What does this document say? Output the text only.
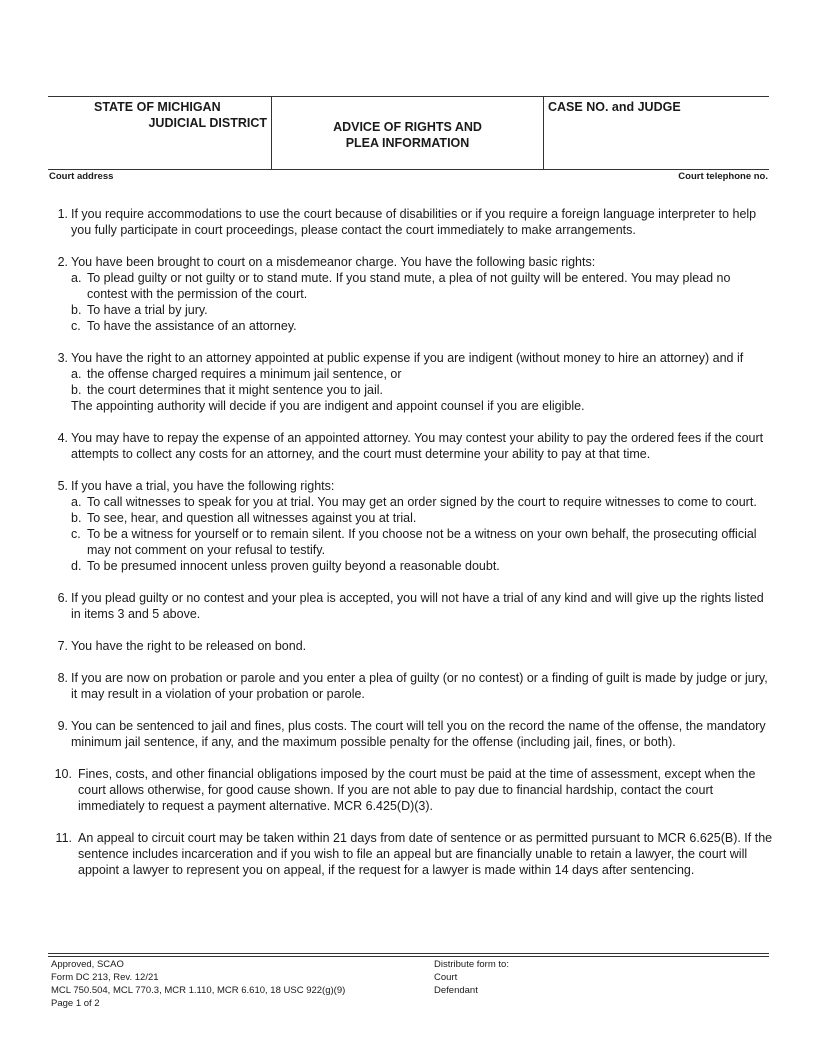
STATE OF MICHIGAN
JUDICIAL DISTRICT	ADVICE OF RIGHTS AND
PLEA INFORMATION
CASE NO. and JUDGE
Court address	Court telephone no.
1. If you require accommodations to use the court because of disabilities or if you require a foreign language interpreter to help you fully participate in court proceedings, please contact the court immediately to make arrangements.
2. You have been brought to court on a misdemeanor charge. You have the following basic rights:
a. To plead guilty or not guilty or to stand mute. If you stand mute, a plea of not guilty will be entered. You may plead no contest with the permission of the court.
b. To have a trial by jury.
c. To have the assistance of an attorney.
3. You have the right to an attorney appointed at public expense if you are indigent (without money to hire an attorney) and if
a. the offense charged requires a minimum jail sentence, or
b. the court determines that it might sentence you to jail.
The appointing authority will decide if you are indigent and appoint counsel if you are eligible.
4. You may have to repay the expense of an appointed attorney. You may contest your ability to pay the ordered fees if the court attempts to collect any costs for an attorney, and the court must determine your ability to pay at that time.
5. If you have a trial, you have the following rights:
a. To call witnesses to speak for you at trial. You may get an order signed by the court to require witnesses to come to court.
b. To see, hear, and question all witnesses against you at trial.
c. To be a witness for yourself or to remain silent. If you choose not be a witness on your own behalf, the prosecuting official may not comment on your refusal to testify.
d. To be presumed innocent unless proven guilty beyond a reasonable doubt.
6. If you plead guilty or no contest and your plea is accepted, you will not have a trial of any kind and will give up the rights listed in items 3 and 5 above.
7. You have the right to be released on bond.
8. If you are now on probation or parole and you enter a plea of guilty (or no contest) or a finding of guilt is made by judge or jury, it may result in a violation of your probation or parole.
9. You can be sentenced to jail and fines, plus costs. The court will tell you on the record the name of the offense, the mandatory minimum jail sentence, if any, and the maximum possible penalty for the offense (including jail, fines, or both).
10. Fines, costs, and other financial obligations imposed by the court must be paid at the time of assessment, except when the court allows otherwise, for good cause shown. If you are not able to pay due to financial hardship, contact the court immediately to request a payment alternative. MCR 6.425(D)(3).
11. An appeal to circuit court may be taken within 21 days from date of sentence or as permitted pursuant to MCR 6.625(B). If the sentence includes incarceration and if you wish to file an appeal but are financially unable to retain a lawyer, the court will appoint a lawyer to represent you on appeal, if the request for a lawyer is made within 14 days after sentencing.
Approved, SCAO
Form DC 213, Rev. 12/21
MCL 750.504, MCL 770.3, MCR 1.110, MCR 6.610, 18 USC 922(g)(9)
Page 1 of 2
Distribute form to:
Court
Defendant
